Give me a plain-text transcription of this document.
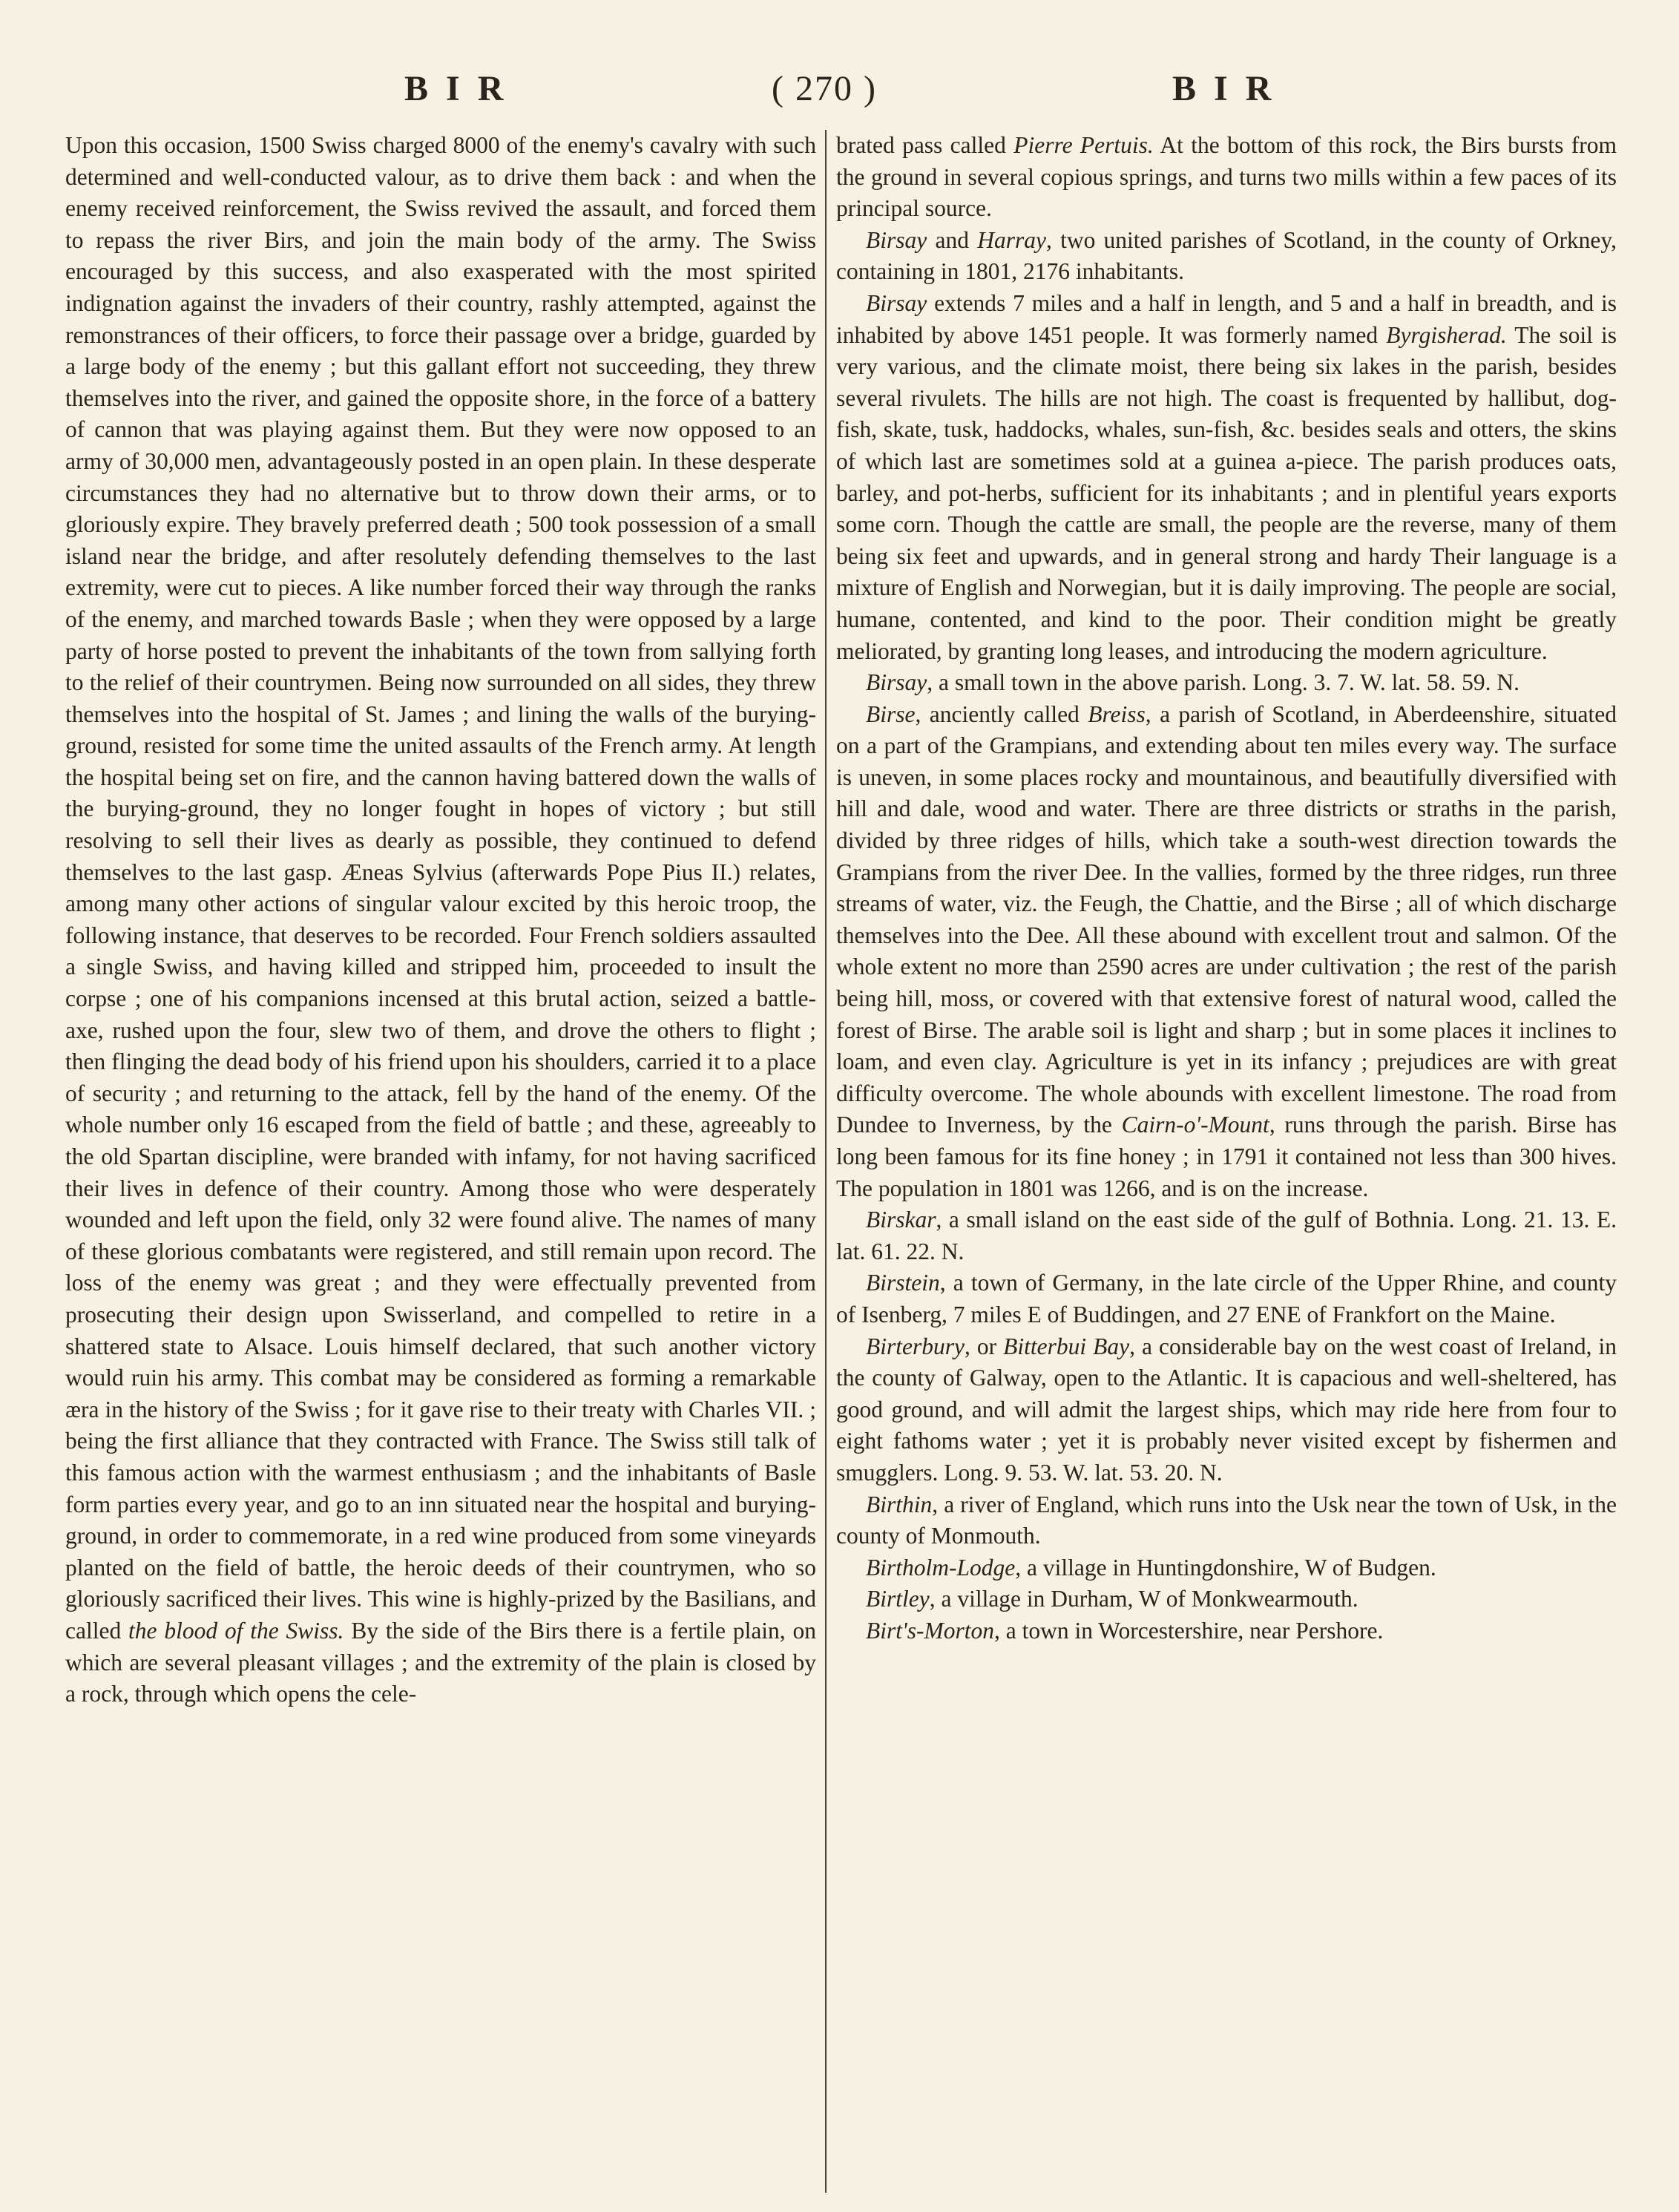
B I R	( 270 )	B I R

Upon this occasion, 1500 Swiss charged 8000 of the enemy's cavalry with such determined and well-conducted valour, as to drive them back : and when the enemy received reinforcement, the Swiss revived the assault, and forced them to repass the river Birs, and join the main body of the army. The Swiss encouraged by this success, and also exasperated with the most spirited indignation against the invaders of their country, rashly attempted, against the remonstrances of their officers, to force their passage over a bridge, guarded by a large body of the enemy ; but this gallant effort not succeeding, they threw themselves into the river, and gained the opposite shore, in the force of a battery of cannon that was playing against them. But they were now opposed to an army of 30,000 men, advantageously posted in an open plain. In these desperate circumstances they had no alternative but to throw down their arms, or to gloriously expire. They bravely preferred death ; 500 took possession of a small island near the bridge, and after resolutely defending themselves to the last extremity, were cut to pieces. A like number forced their way through the ranks of the enemy, and marched towards Basle ; when they were opposed by a large party of horse posted to prevent the inhabitants of the town from sallying forth to the relief of their countrymen. Being now surrounded on all sides, they threw themselves into the hospital of St. James ; and lining the walls of the burying-ground, resisted for some time the united assaults of the French army. At length the hospital being set on fire, and the cannon having battered down the walls of the burying-ground, they no longer fought in hopes of victory ; but still resolving to sell their lives as dearly as possible, they continued to defend themselves to the last gasp. Æneas Sylvius (afterwards Pope Pius II.) relates, among many other actions of singular valour excited by this heroic troop, the following instance, that deserves to be recorded. Four French soldiers assaulted a single Swiss, and having killed and stripped him, proceeded to insult the corpse ; one of his companions incensed at this brutal action, seized a battle-axe, rushed upon the four, slew two of them, and drove the others to flight ; then flinging the dead body of his friend upon his shoulders, carried it to a place of security ; and returning to the attack, fell by the hand of the enemy. Of the whole number only 16 escaped from the field of battle ; and these, agreeably to the old Spartan discipline, were branded with infamy, for not having sacrificed their lives in defence of their country. Among those who were desperately wounded and left upon the field, only 32 were found alive. The names of many of these glorious combatants were registered, and still remain upon record. The loss of the enemy was great ; and they were effectually prevented from prosecuting their design upon Swisserland, and compelled to retire in a shattered state to Alsace. Louis himself declared, that such another victory would ruin his army. This combat may be considered as forming a remarkable æra in the history of the Swiss ; for it gave rise to their treaty with Charles VII. ; being the first alliance that they contracted with France. The Swiss still talk of this famous action with the warmest enthusiasm ; and the inhabitants of Basle form parties every year, and go to an inn situated near the hospital and burying-ground, in order to commemorate, in a red wine produced from some vineyards planted on the field of battle, the heroic deeds of their countrymen, who so gloriously sacrificed their lives. This wine is highly-prized by the Basilians, and called the blood of the Swiss. By the side of the Birs there is a fertile plain, on which are several pleasant villages ; and the extremity of the plain is closed by a rock, through which opens the cele-

brated pass called Pierre Pertuis. At the bottom of this rock, the Birs bursts from the ground in several copious springs, and turns two mills within a few paces of its principal source.

Birsay and Harray, two united parishes of Scotland, in the county of Orkney, containing in 1801, 2176 inhabitants.

Birsay extends 7 miles and a half in length, and 5 and a half in breadth, and is inhabited by above 1451 people. It was formerly named Byrgisherad. The soil is very various, and the climate moist, there being six lakes in the parish, besides several rivulets. The hills are not high. The coast is frequented by hallibut, dog-fish, skate, tusk, haddocks, whales, sun-fish, &c. besides seals and otters, the skins of which last are sometimes sold at a guinea a-piece. The parish produces oats, barley, and pot-herbs, sufficient for its inhabitants ; and in plentiful years exports some corn. Though the cattle are small, the people are the reverse, many of them being six feet and upwards, and in general strong and hardy Their language is a mixture of English and Norwegian, but it is daily improving. The people are social, humane, contented, and kind to the poor. Their condition might be greatly meliorated, by granting long leases, and introducing the modern agriculture.

Birsay, a small town in the above parish. Long. 3. 7. W. lat. 58. 59. N.

Birse, anciently called Breiss, a parish of Scotland, in Aberdeenshire, situated on a part of the Grampians, and extending about ten miles every way. The surface is uneven, in some places rocky and mountainous, and beautifully diversified with hill and dale, wood and water. There are three districts or straths in the parish, divided by three ridges of hills, which take a south-west direction towards the Grampians from the river Dee. In the vallies, formed by the three ridges, run three streams of water, viz. the Feugh, the Chattie, and the Birse ; all of which discharge themselves into the Dee. All these abound with excellent trout and salmon. Of the whole extent no more than 2590 acres are under cultivation ; the rest of the parish being hill, moss, or covered with that extensive forest of natural wood, called the forest of Birse. The arable soil is light and sharp ; but in some places it inclines to loam, and even clay. Agriculture is yet in its infancy ; prejudices are with great difficulty overcome. The whole abounds with excellent limestone. The road from Dundee to Inverness, by the Cairn-o'-Mount, runs through the parish. Birse has long been famous for its fine honey ; in 1791 it contained not less than 300 hives. The population in 1801 was 1266, and is on the increase.

Birskar, a small island on the east side of the gulf of Bothnia. Long. 21. 13. E. lat. 61. 22. N.

Birstein, a town of Germany, in the late circle of the Upper Rhine, and county of Isenberg, 7 miles E of Buddingen, and 27 ENE of Frankfort on the Maine.

Birterbury, or Bitterbui Bay, a considerable bay on the west coast of Ireland, in the county of Galway, open to the Atlantic. It is capacious and well-sheltered, has good ground, and will admit the largest ships, which may ride here from four to eight fathoms water ; yet it is probably never visited except by fishermen and smugglers. Long. 9. 53. W. lat. 53. 20. N.

Birthin, a river of England, which runs into the Usk near the town of Usk, in the county of Monmouth.

Birtholm-Lodge, a village in Huntingdonshire, W of Budgen.

Birtley, a village in Durham, W of Monkwearmouth.

Birt's-Morton, a town in Worcestershire, near Pershore.
